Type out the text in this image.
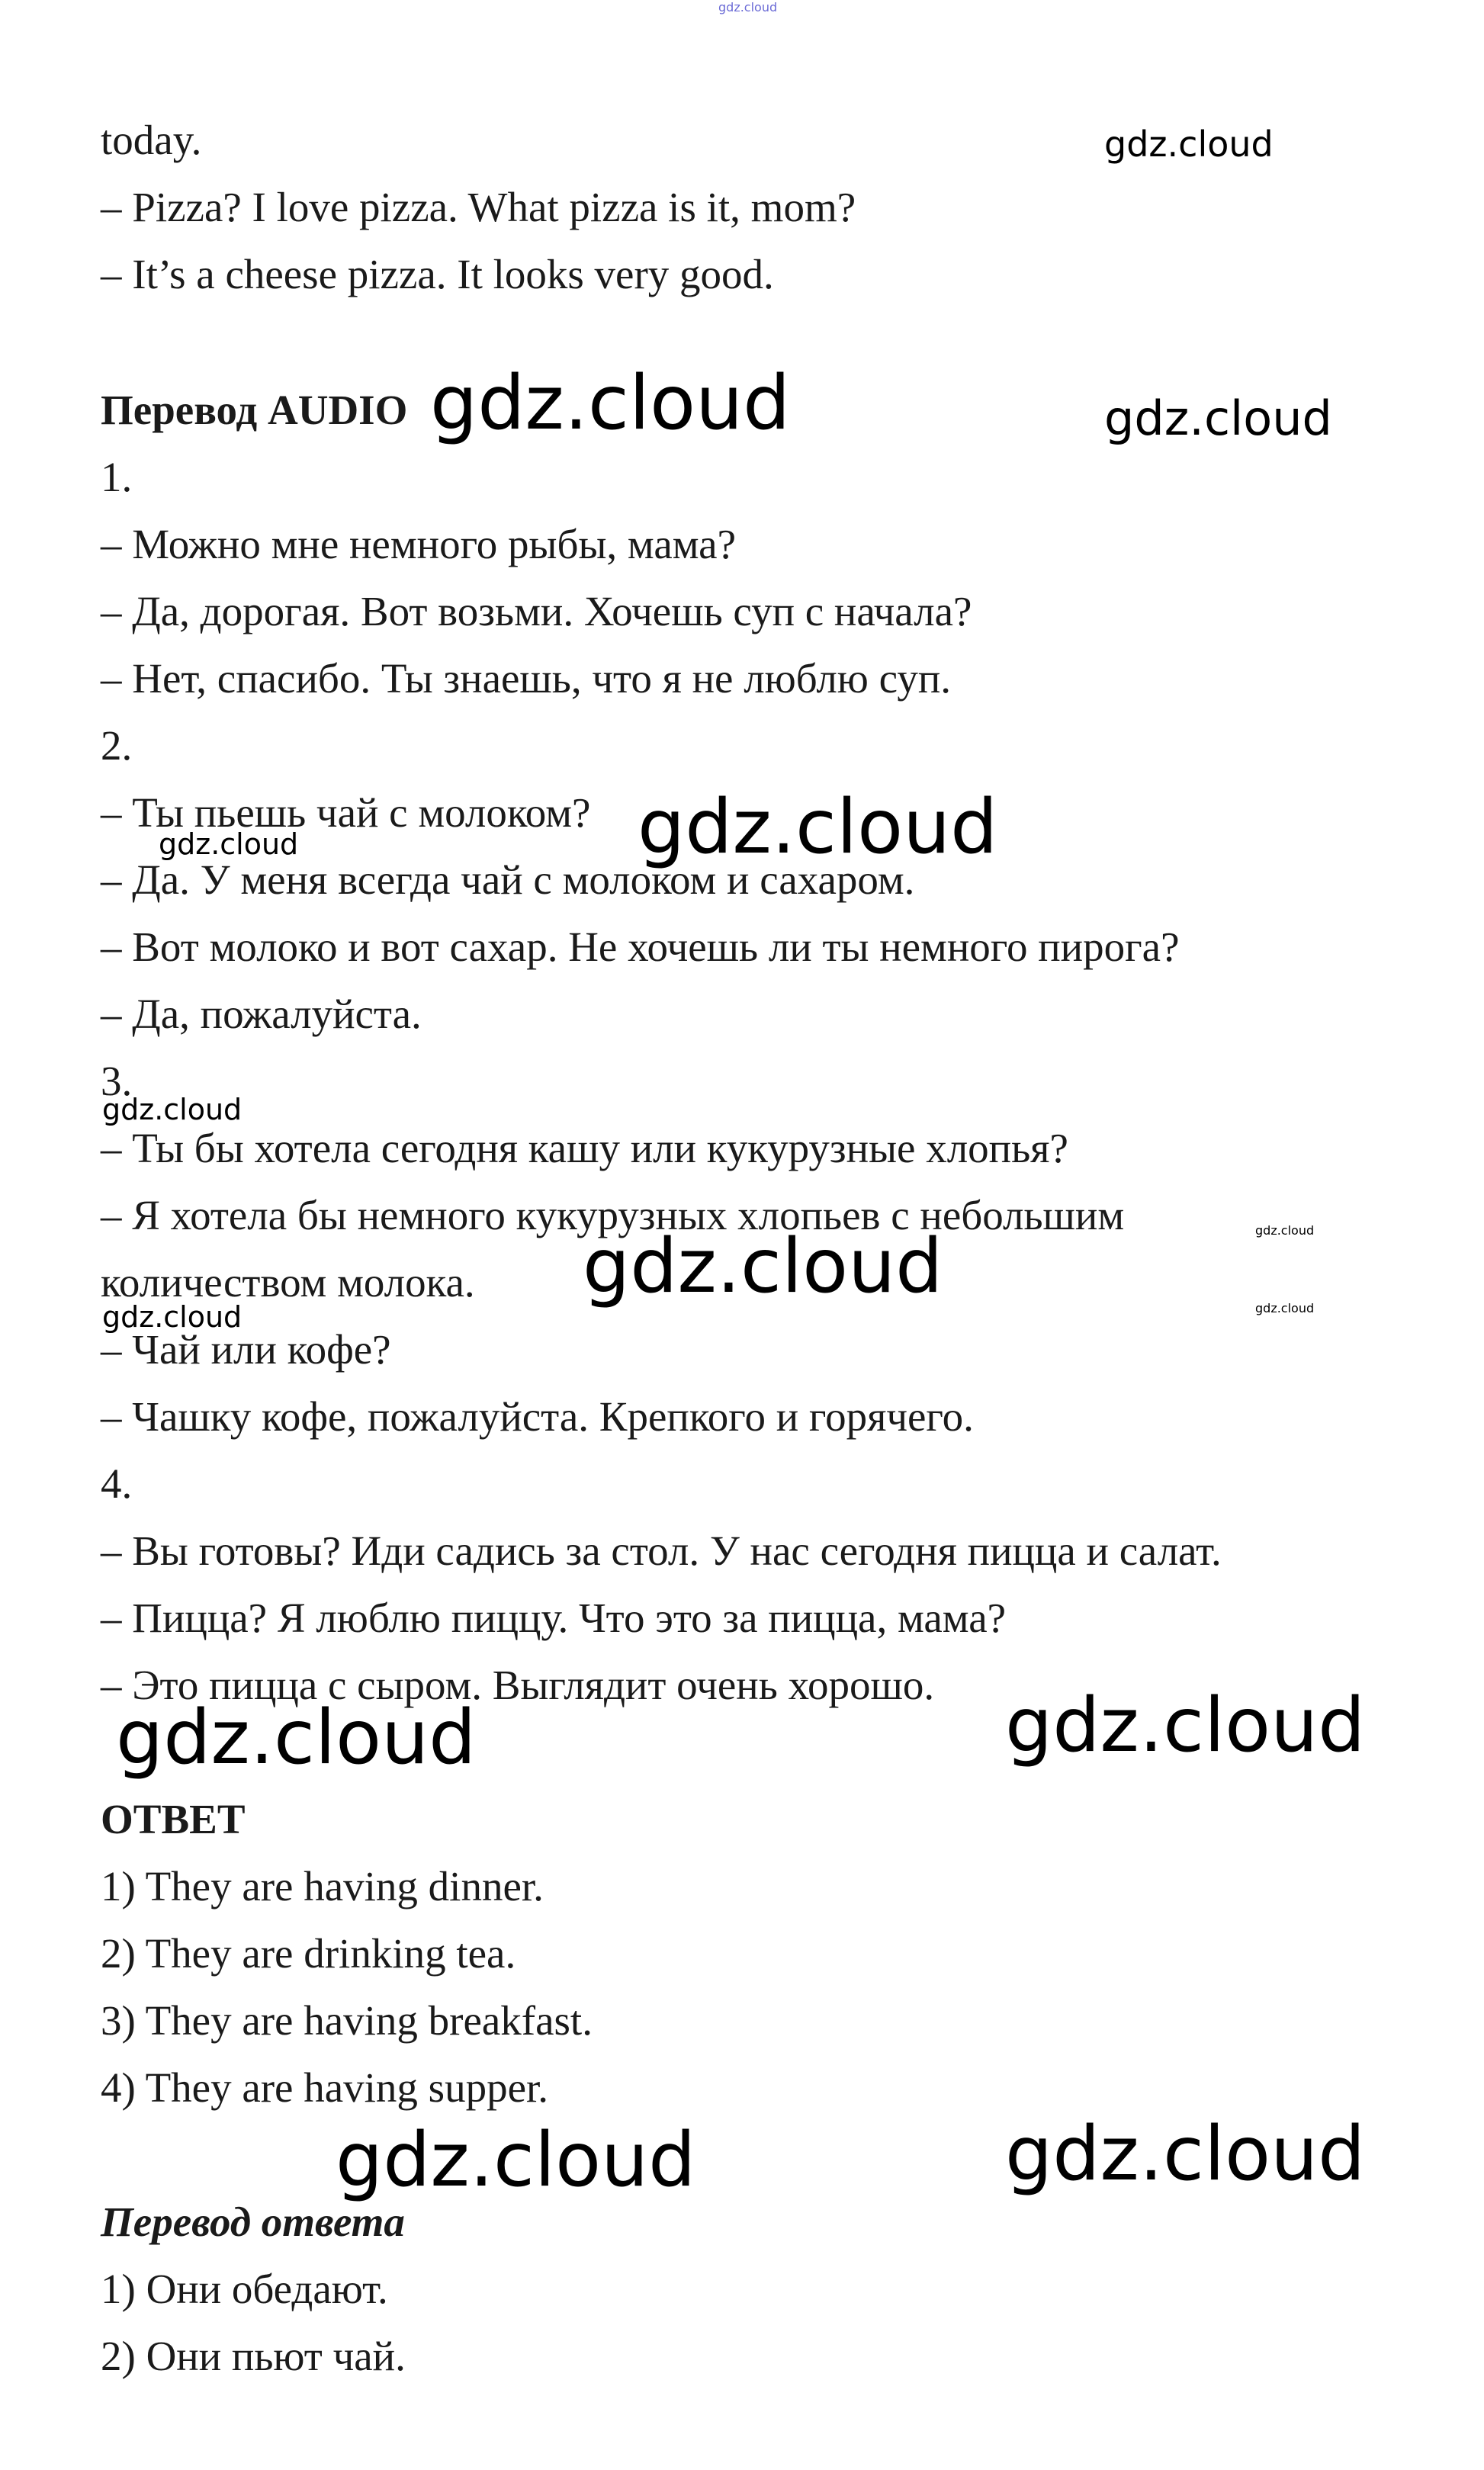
today.
– Pizza? I love pizza. What pizza is it, mom?
– It’s a cheese pizza. It looks very good.
Перевод AUDIO
1.
– Можно мне немного рыбы, мама?
– Да, дорогая. Вот возьми. Хочешь суп с начала?
– Нет, спасибо. Ты знаешь, что я не люблю суп.
2.
– Ты пьешь чай с молоком?
– Да. У меня всегда чай с молоком и сахаром.
– Вот молоко и вот сахар. Не хочешь ли ты немного пирога?
– Да, пожалуйста.
3.
– Ты бы хотела сегодня кашу или кукурузные хлопья?
– Я хотела бы немного кукурузных хлопьев с небольшим
количеством молока.
– Чай или кофе?
– Чашку кофе, пожалуйста. Крепкого и горячего.
4.
– Вы готовы? Иди садись за стол. У нас сегодня пицца и салат.
– Пицца? Я люблю пиццу. Что это за пицца, мама?
– Это пицца с сыром. Выглядит очень хорошо.
ОТВЕТ
1) They are having dinner.
2) They are drinking tea.
3) They are having breakfast.
4) They are having supper.
Перевод ответа
1) Они обедают.
2) Они пьют чай.
gdz.cloud
gdz.cloud
gdz.cloud	gdz.cloud
gdz.cloud
gdz.cloud
gdz.cloud
gdz.cloud
gdz.cloud	gdz.cloud
gdz.cloud
gdz.cloud
gdz.cloud
gdz.cloud
gdz.cloud
